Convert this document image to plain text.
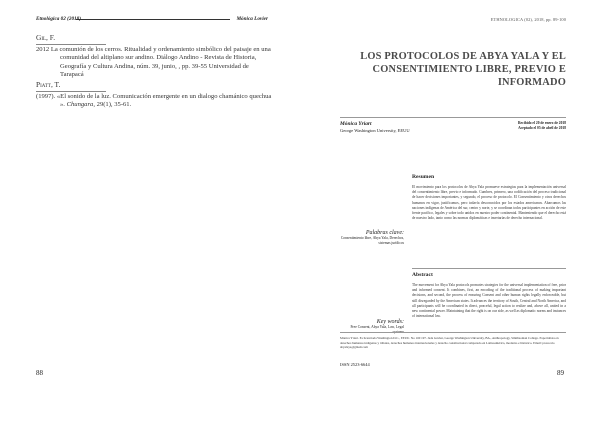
Etnológica 02 (2018)	Mónica Lovier
Gil, F.
2012 La comunión de los cerros. Ritualidad y ordenamiento simbólico del paisaje en una comunidad del altiplano sur andino. Diálogo Andino - Revista de Historia, Geografía y Cultura Andina, núm. 39, junio, , pp. 39-55 Universidad de Tarapacá
Piatt, T.
(1997). «El sonido de la luz. Comunicación emergente en un dialogo chamánico quechua ». Chungara, 29(1), 35-61.
88
ETHNOLOGICA (02), 2018, pp. 89-100
LOS PROTOCOLOS DE ABYA YALA Y EL CONSENTIMIENTO LIBRE, PREVIO E INFORMADO
Mónica Yriart
George Washington University, EEUU
Recibido el 20 de enero de 2018
Aceptado el 05 de abril de 2018
Resumen
El movimiento para los protocolos de Abya Yala promueve estrategias para la implementación universal del consentimiento libre, previo e informado. Cumbres, primero, una codificación del proceso tradicional de hacer decisiones importantes, y segundo, el proceso de protocolo. El Consentimiento y otros derechos humanos en vigor, justificamos, pero todavía desconocidos por los estados americanos. Abarcamos las naciones indígenas de América del sur, centro y norte, y se coordinan todos participantes en acción de este frente pacífico, legales y sobre todo unidos en nuestro poder continental. Manteniendo que el derecho está de nuestro lado, tanto como las normas diplomáticas e insertarías de derecho internacional.
Palabras clave:
Consentimiento libre, Abya Yala, Derechos, sistemas jurídicos
Abstract
The movement for Abya Yala protocols promotes strategies for the universal implementation of free, prior and informed consent. It combines, first, an encoding of the traditional process of making important decisions, and second, the process of ensuring Consent and other human rights legally enforceable, but still disregarded by the American states. It advances the territory of South, Central and North America, and all participants will be coordinated in direct, peaceful, legal action to realize and, above all, united in a new continental power. Maintaining that the right is on our side, as well as diplomatic norms and instances of international law.
Key words:
Free Consent, Abya Yala, Law, Legal systems
Mónica Yriart. Es licenciada Washington D.C., EEUU. No 160 197. Jada Gruber, George Washington University, BA., Anthropology, Smithsonian College. Especialista en derechos humanos indígenas y tribales, derechos humanos internacionales y derecho constitucional comparado en Latinoamérica, moderno e histórico. Email: protocolo abyalaya@gmail.com
ISSN 2523-6644
89
